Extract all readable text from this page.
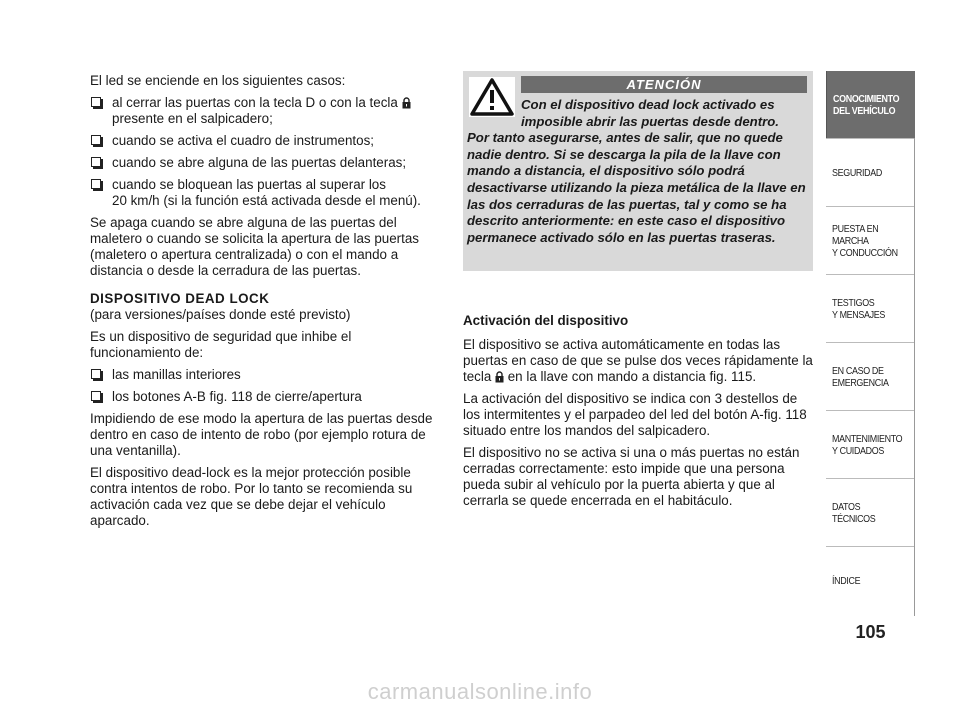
El led se enciende en los siguientes casos:

al cerrar las puertas con la tecla D o con la tecla
presente en el salpicadero;
cuando se activa el cuadro de instrumentos;
cuando se abre alguna de las puertas delanteras;
cuando se bloquean las puertas al superar los
20 km/h (si la función está activada desde el menú).

Se apaga cuando se abre alguna de las puertas del maletero o cuando se solicita la apertura de las puertas (maletero o apertura centralizada) o con el mando a distancia o desde la cerradura de las puertas.

DISPOSITIVO DEAD LOCK

(para versiones/países donde esté previsto)

Es un dispositivo de seguridad que inhibe el funcionamiento de:

las manillas interiores
los botones A-B fig. 118 de cierre/apertura

Impidiendo de ese modo la apertura de las puertas desde dentro en caso de intento de robo (por ejemplo rotura de una ventanilla).

El dispositivo dead-lock es la mejor protección posible contra intentos de robo. Por lo tanto se recomienda su activación cada vez que se debe dejar el vehículo aparcado.

ATENCIÓN
Con el dispositivo dead lock activado es
imposible abrir las puertas desde dentro.
Por tanto asegurarse, antes de salir, que no quede nadie dentro. Si se descarga la pila de la llave con mando a distancia, el dispositivo sólo podrá desactivarse utilizando la pieza metálica de la llave en las dos cerraduras de las puertas, tal y como se ha descrito anteriormente: en este caso el dispositivo permanece activado sólo en las puertas traseras.

Activación del dispositivo

El dispositivo se activa automáticamente en todas las puertas en caso de que se pulse dos veces rápidamente la tecla  en la llave con mando a distancia fig. 115.

La activación del dispositivo se indica con 3 destellos de los intermitentes y el parpadeo del led del botón A-fig. 118 situado entre los mandos del salpicadero.

El dispositivo no se activa si una o más puertas no están cerradas correctamente: esto impide que una persona pueda subir al vehículo por la puerta abierta y que al cerrarla se quede encerrada en el habitáculo.

CONOCIMIENTO
DEL VEHÍCULO
SEGURIDAD
PUESTA EN
MARCHA
Y CONDUCCIÓN
TESTIGOS
Y MENSAJES
EN CASO DE
EMERGENCIA
MANTENIMIENTO
Y CUIDADOS
DATOS
TÉCNICOS
ÍNDICE
105
carmanualsonline.info
